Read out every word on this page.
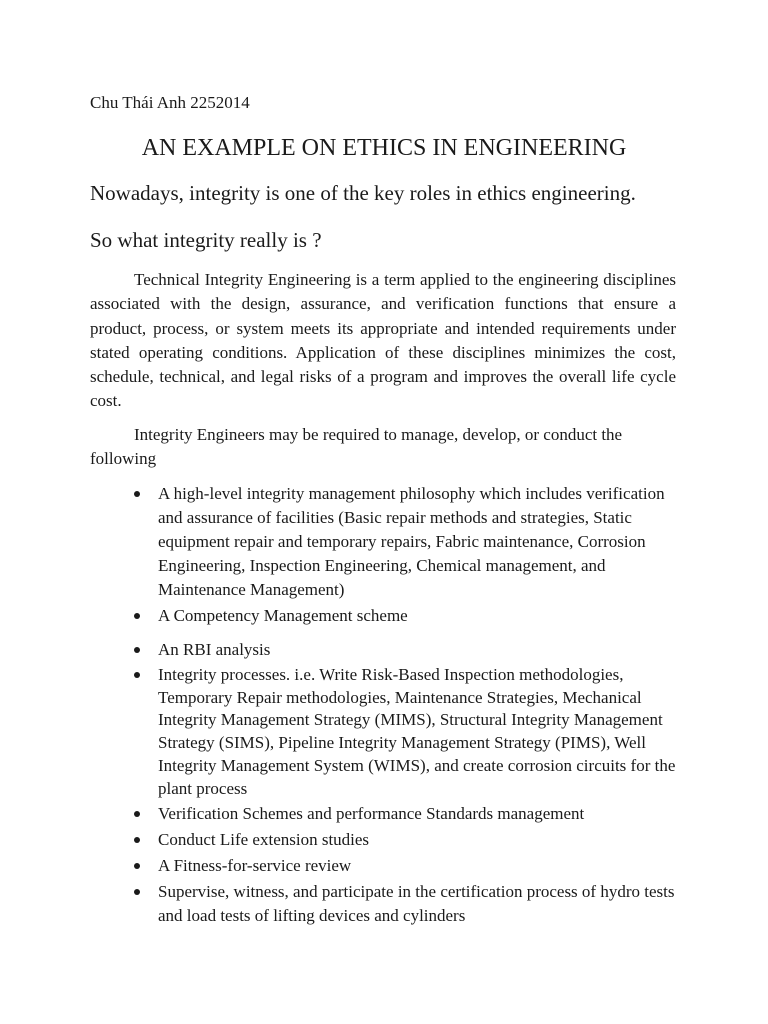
Chu Thái Anh 2252014
AN EXAMPLE ON ETHICS IN ENGINEERING
Nowadays, integrity is one of the key roles in ethics engineering.
So what integrity really is ?

Technical Integrity Engineering is a term applied to the engineering disciplines associated with the design, assurance, and verification functions that ensure a product, process, or system meets its appropriate and intended requirements under stated operating conditions. Application of these disciplines minimizes the cost, schedule, technical, and legal risks of a program and improves the overall life cycle cost.

Integrity Engineers may be required to manage, develop, or conduct the following

A high-level integrity management philosophy which includes verification and assurance of facilities (Basic repair methods and strategies, Static equipment repair and temporary repairs, Fabric maintenance, Corrosion Engineering, Inspection Engineering, Chemical management, and Maintenance Management)
A Competency Management scheme
An RBI analysis
Integrity processes. i.e. Write Risk-Based Inspection methodologies, Temporary Repair methodologies, Maintenance Strategies, Mechanical Integrity Management Strategy (MIMS), Structural Integrity Management Strategy (SIMS), Pipeline Integrity Management Strategy (PIMS), Well Integrity Management System (WIMS), and create corrosion circuits for the plant process
Verification Schemes and performance Standards management
Conduct Life extension studies
A Fitness-for-service review
Supervise, witness, and participate in the certification process of hydro tests and load tests of lifting devices and cylinders
